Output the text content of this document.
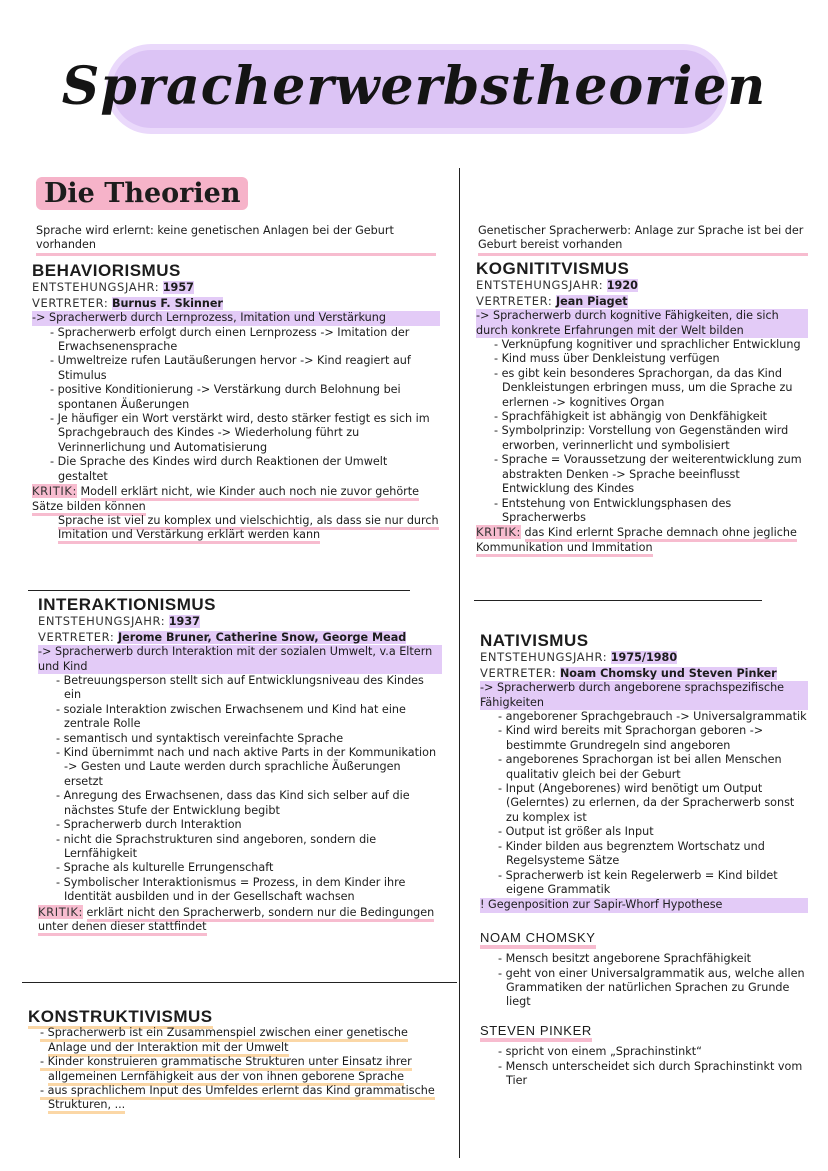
Spracherwerbstheorien
Die Theorien

Sprache wird erlernt: keine genetischen Anlagen bei der Geburt vorhanden

BEHAVIORISMUS

ENTSTEHUNGSJAHR: 1957

VERTRETER: Burnus F. Skinner

-> Spracherwerb durch Lernprozess, Imitation und Verstärkung

- Spracherwerb erfolgt durch einen Lernprozess -> Imitation der Erwachsenensprache
- Umweltreize rufen Lautäußerungen hervor -> Kind reagiert auf Stimulus
- positive Konditionierung -> Verstärkung durch Belohnung bei spontanen Äußerungen
- Je häufiger ein Wort verstärkt wird, desto stärker festigt es sich im Sprachgebrauch des Kindes -> Wiederholung führt zu Verinnerlichung und Automatisierung
- Die Sprache des Kindes wird durch Reaktionen der Umwelt gestaltet

KRITIK: Modell erklärt nicht, wie Kinder auch noch nie zuvor gehörte Sätze bilden können

Sprache ist viel zu komplex und vielschichtig, als dass sie nur durch Imitation und Verstärkung erklärt werden kann

INTERAKTIONISMUS

ENTSTEHUNGSJAHR: 1937

VERTRETER: Jerome Bruner, Catherine Snow, George Mead

-> Spracherwerb durch Interaktion mit der sozialen Umwelt, v.a Eltern und Kind

- Betreuungsperson stellt sich auf Entwicklungsniveau des Kindes ein
- soziale Interaktion zwischen Erwachsenem und Kind hat eine zentrale Rolle
- semantisch und syntaktisch vereinfachte Sprache
- Kind übernimmt nach und nach aktive Parts in der Kommunikation -> Gesten und Laute werden durch sprachliche Äußerungen ersetzt
- Anregung des Erwachsenen, dass das Kind sich selber auf die nächstes Stufe der Entwicklung begibt
- Spracherwerb durch Interaktion
- nicht die Sprachstrukturen sind angeboren, sondern die Lernfähigkeit
- Sprache als kulturelle Errungenschaft
- Symbolischer Interaktionismus = Prozess, in dem Kinder ihre Identität ausbilden und in der Gesellschaft wachsen

KRITIK: erklärt nicht den Spracherwerb, sondern nur die Bedingungen unter denen dieser stattfindet

KONSTRUKTIVISMUS
- Spracherwerb ist ein Zusammenspiel zwischen einer genetische Anlage und der Interaktion mit der Umwelt
- Kinder konstruieren grammatische Strukturen unter Einsatz ihrer allgemeinen Lernfähigkeit aus der von ihnen geborene Sprache
- aus sprachlichem Input des Umfeldes erlernt das Kind grammatische Strukturen, ...

Genetischer Spracherwerb: Anlage zur Sprache ist bei der Geburt bereist vorhanden

KOGNITITVISMUS

ENTSTEHUNGSJAHR: 1920

VERTRETER: Jean Piaget

-> Spracherwerb durch kognitive Fähigkeiten, die sich durch konkrete Erfahrungen mit der Welt bilden

- Verknüpfung kognitiver und sprachlicher Entwicklung
- Kind muss über Denkleistung verfügen
- es gibt kein besonderes Sprachorgan, da das Kind Denkleistungen erbringen muss, um die Sprache zu erlernen -> kognitives Organ
- Sprachfähigkeit ist abhängig von Denkfähigkeit
- Symbolprinzip: Vorstellung von Gegenständen wird erworben, verinnerlicht und symbolisiert
- Sprache = Voraussetzung der weiterentwicklung zum abstrakten Denken -> Sprache beeinflusst Entwicklung des Kindes
- Entstehung von Entwicklungsphasen des Spracherwerbs

KRITIK: das Kind erlernt Sprache demnach ohne jegliche Kommunikation und Immitation

NATIVISMUS

ENTSTEHUNGSJAHR: 1975/1980

VERTRETER: Noam Chomsky und Steven Pinker

-> Spracherwerb durch angeborene sprachspezifische Fähigkeiten

- angeborener Sprachgebrauch -> Universalgrammatik
- Kind wird bereits mit Sprachorgan geboren -> bestimmte Grundregeln sind angeboren
- angeborenes Sprachorgan ist bei allen Menschen qualitativ gleich bei der Geburt
- Input (Angeborenes) wird benötigt um Output (Gelerntes) zu erlernen, da der Spracherwerb sonst zu komplex ist
- Output ist größer als Input
- Kinder bilden aus begrenztem Wortschatz und Regelsysteme Sätze
- Spracherwerb ist kein Regelerwerb = Kind bildet eigene Grammatik

! Gegenposition zur Sapir-Whorf Hypothese

NOAM CHOMSKY
- Mensch besitzt angeborene Sprachfähigkeit
- geht von einer Universalgrammatik aus, welche allen Grammatiken der natürlichen Sprachen zu Grunde liegt
STEVEN PINKER
- spricht von einem „Sprachinstinkt“
- Mensch unterscheidet sich durch Sprachinstinkt vom Tier
